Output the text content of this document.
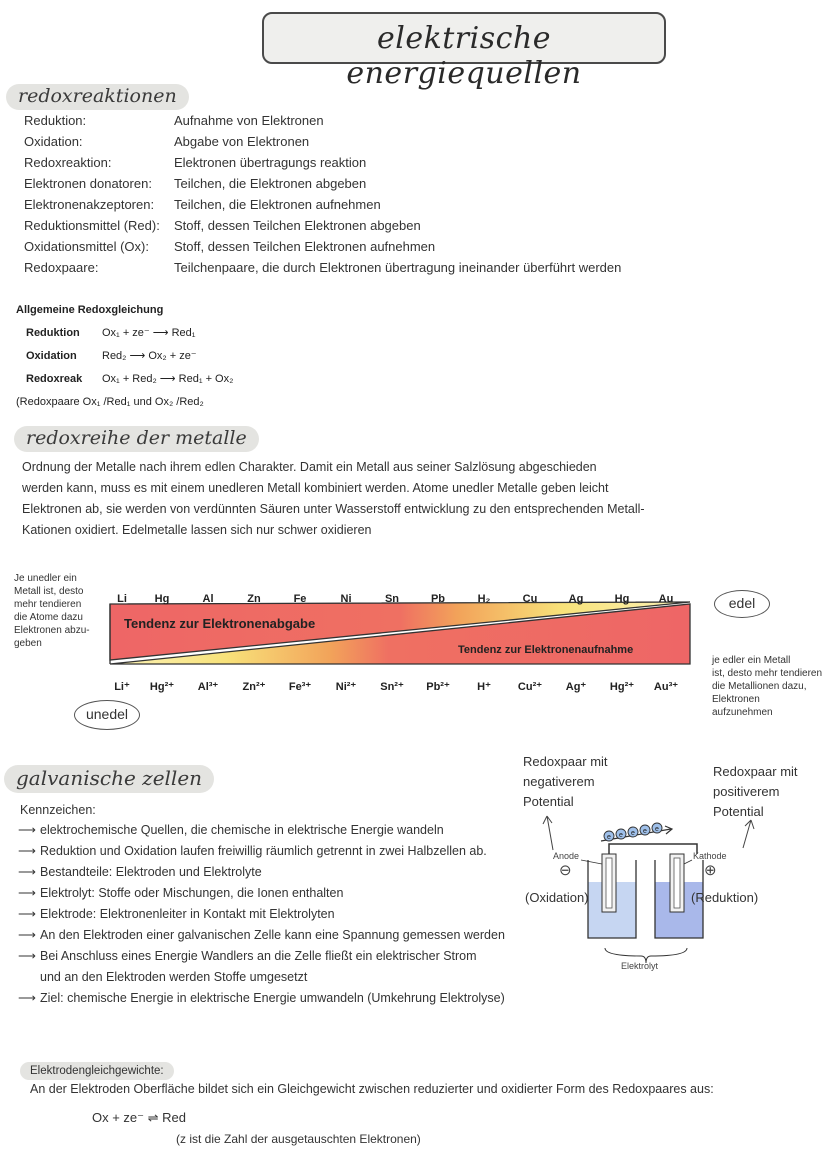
elektrische energiequellen
redoxreaktionen
Reduktion:	Aufnahme von Elektronen
Oxidation:	Abgabe von Elektronen
Redoxreaktion:	Elektronen übertragungs reaktion
Elektronen donatoren: Teilchen, die Elektronen abgeben
Elektronenakzeptoren: Teilchen, die Elektronen aufnehmen
Reduktionsmittel (Red): Stoff, dessen Teilchen Elektronen abgeben
Oxidationsmittel (Ox): Stoff, dessen Teilchen Elektronen aufnehmen
Redoxpaare:	Teilchenpaare, die durch Elektronen übertragung ineinander überführt werden
Allgemeine Redoxgleichung
Reduktion Ox₁ + ze⁻ ⟶ Red₁
Oxidation Red₂ ⟶ Ox₂ + ze⁻
Redoxreak Ox₁ + Red₂ ⟶ Red₁ + Ox₂
(Redoxpaare Ox₁ /Red₁ und Ox₂ /Red₂
redoxreihe der metalle

Ordnung der Metalle nach ihrem edlen Charakter. Damit ein Metall aus seiner Salzlösung abgeschieden

werden kann, muss es mit einem unedleren Metall kombiniert werden. Atome unedler Metalle geben leicht

Elektronen ab, sie werden von verdünnten Säuren unter Wasserstoff entwicklung zu den entsprechenden Metall-

Kationen oxidiert. Edelmetalle lassen sich nur schwer oxidieren

Je unedler ein
Metall ist, desto
mehr tendieren
die Atome dazu
Elektronen abzu-
geben
je edler ein Metall
ist, desto mehr tendieren
die Metallionen dazu,
Elektronen
aufzunehmen
edel
unedel
Tendenz zur Elektronenabgabe
Tendenz zur Elektronenaufnahme
Li	Hg	Al	Zn	Fe	Ni	Sn	Pb	H₂	Cu	Ag	Hg	Au
Li⁺ Hg²⁺ Al³⁺ Zn²⁺ Fe³⁺ Ni²⁺ Sn²⁺ Pb²⁺ H⁺ Cu²⁺ Ag⁺ Hg²⁺ Au³⁺
galvanische zellen
Kennzeichen:
⟶ elektrochemische Quellen, die chemische in elektrische Energie wandeln
⟶ Reduktion und Oxidation laufen freiwillig räumlich getrennt in zwei Halbzellen ab.
⟶ Bestandteile: Elektroden und Elektrolyte
⟶ Elektrolyt: Stoffe oder Mischungen, die Ionen enthalten
⟶ Elektrode: Elektronenleiter in Kontakt mit Elektrolyten
⟶ An den Elektroden einer galvanischen Zelle kann eine Spannung gemessen werden
⟶ Bei Anschluss eines Energie Wandlers an die Zelle fließt ein elektrischer Strom
und an den Elektroden werden Stoffe umgesetzt
⟶ Ziel: chemische Energie in elektrische Energie umwandeln (Umkehrung Elektrolyse)
Redoxpaar mit
negativerem
Potential
Redoxpaar mit
positiverem
Potential
e e e e e
Anode	Kathode
⊖	⊕
(Oxidation)	(Reduktion)
Elektrolyt
Elektrodengleichgewichte:
An der Elektroden Oberfläche bildet sich ein Gleichgewicht zwischen reduzierter und oxidierter Form des Redoxpaares aus:
Ox + ze⁻ ⇌ Red
(z ist die Zahl der ausgetauschten Elektronen)
